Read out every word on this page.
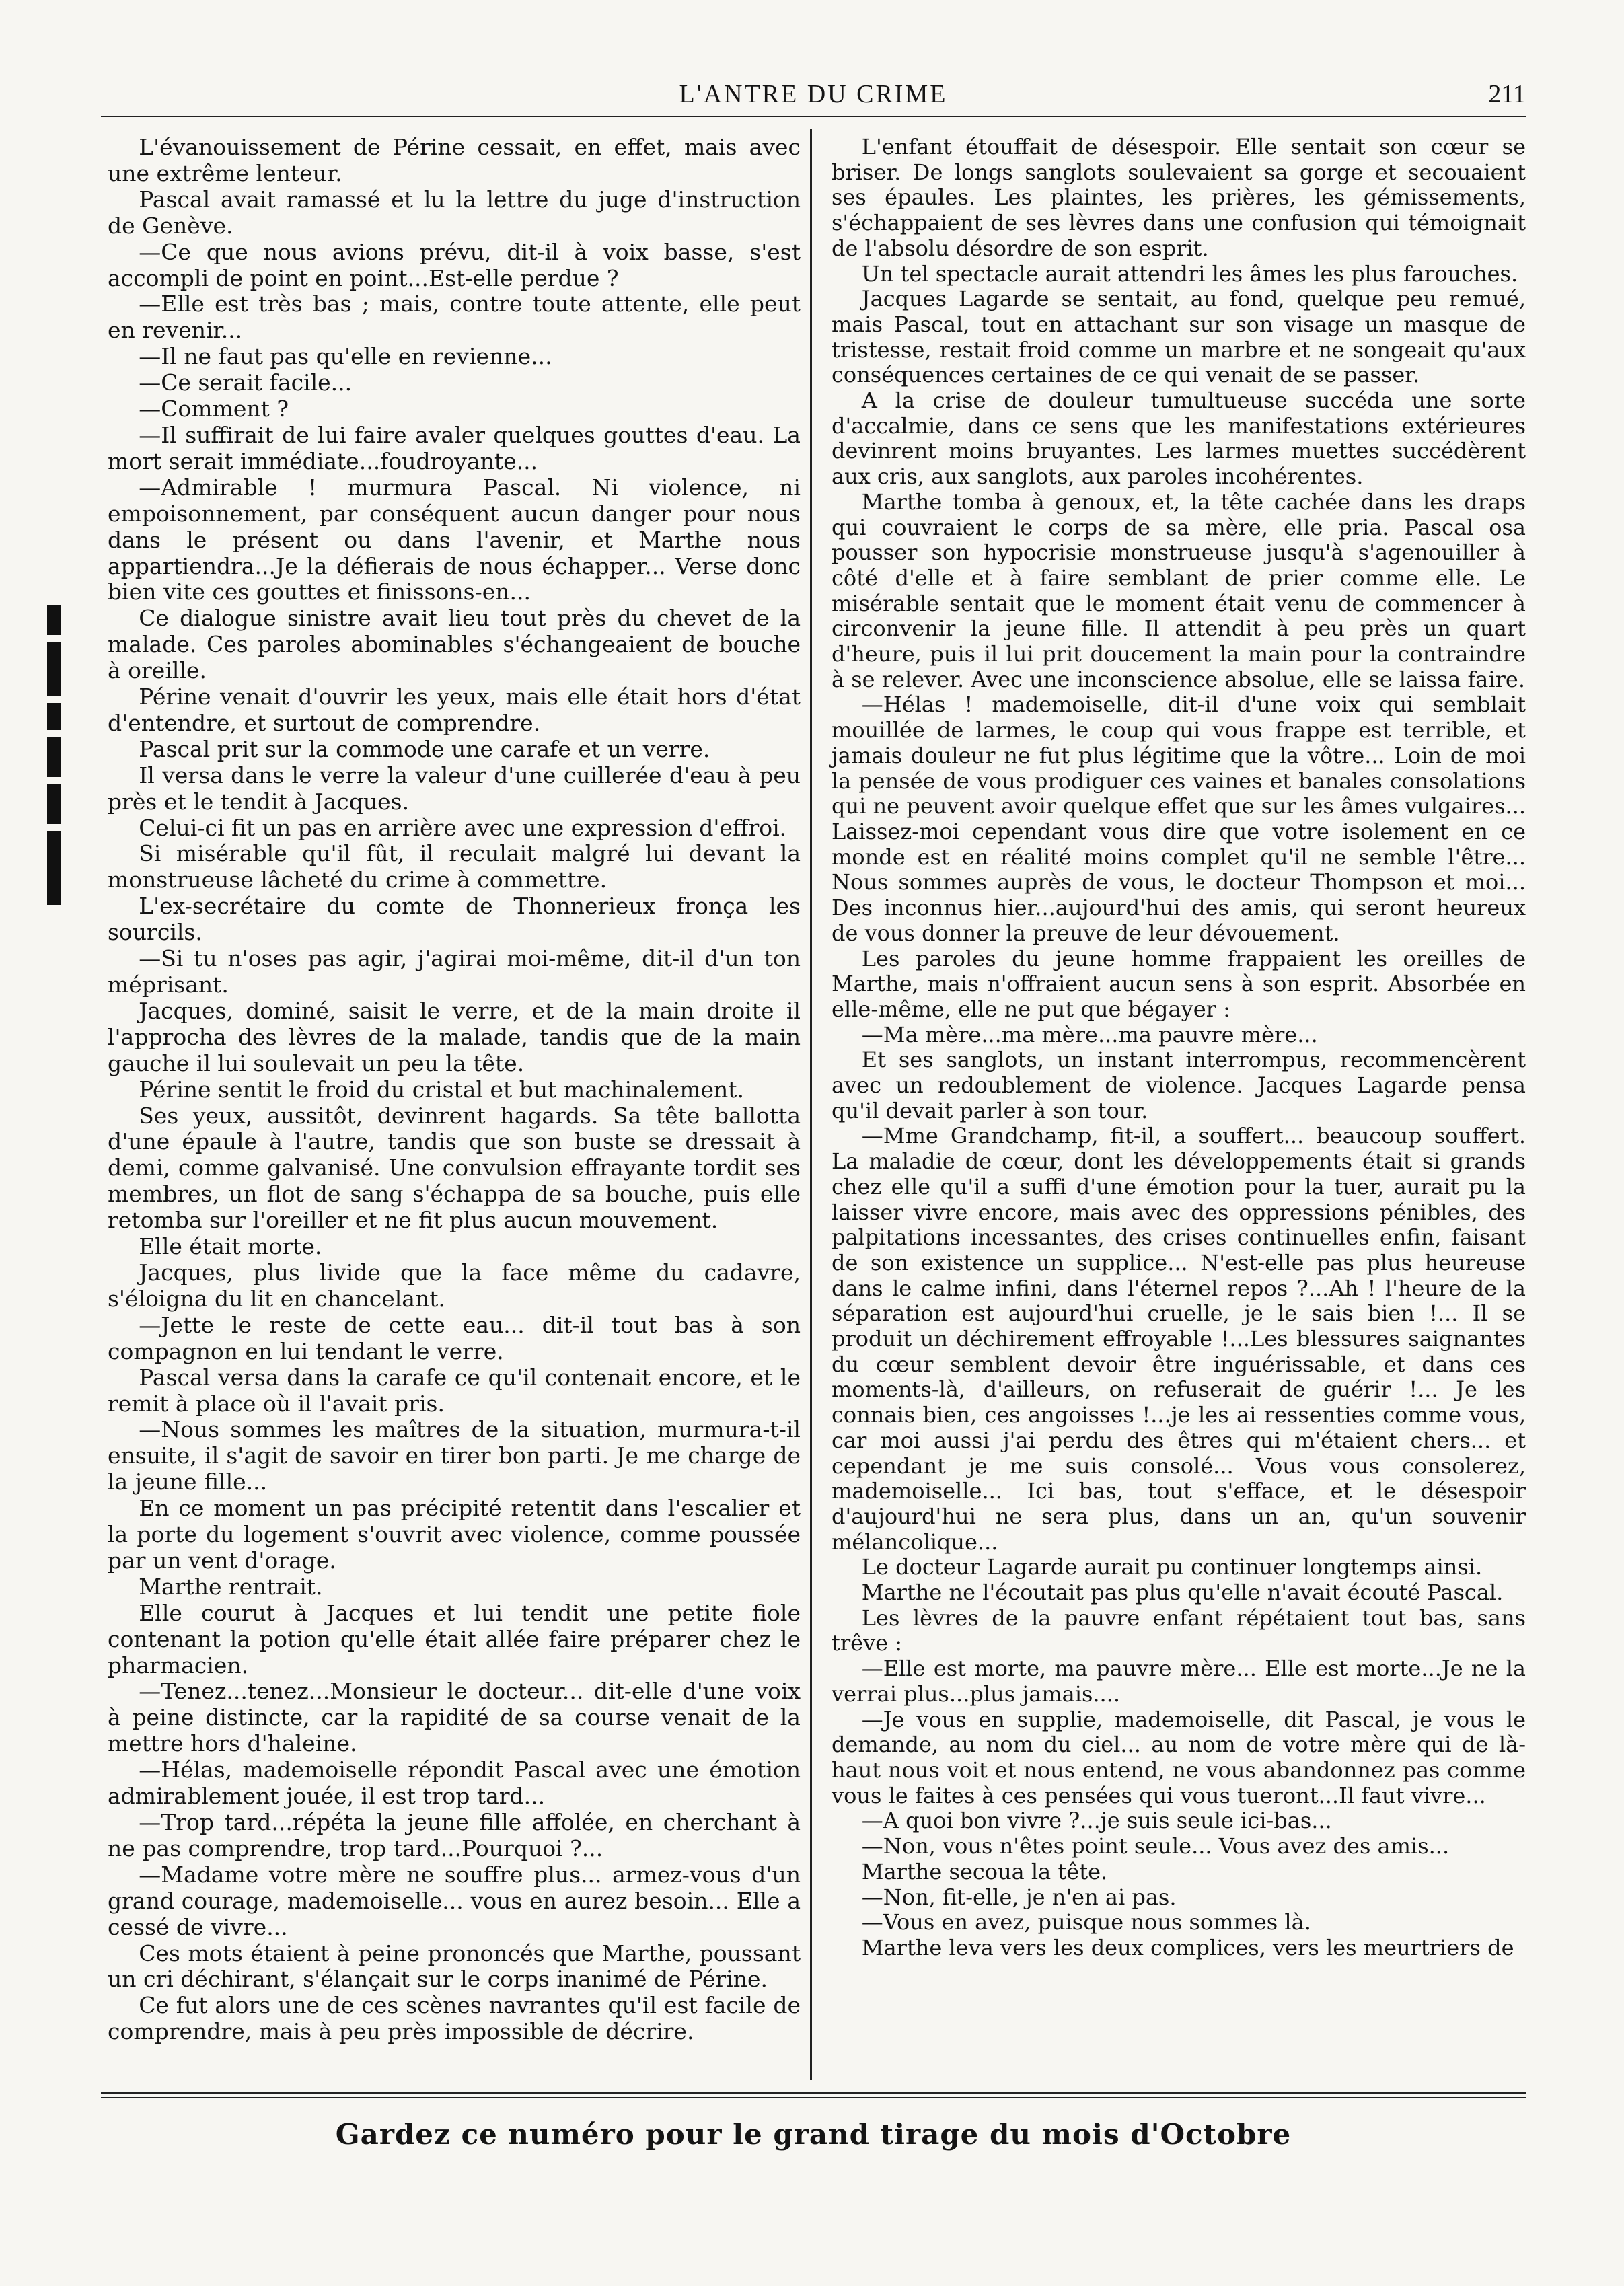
L'ANTRE DU CRIME	211

L'évanouissement de Périne cessait, en effet, mais avec une extrême lenteur.

Pascal avait ramassé et lu la lettre du juge d'instruction de Genève.

—Ce que nous avions prévu, dit-il à voix basse, s'est accompli de point en point...Est-elle perdue ?

—Elle est très bas ; mais, contre toute attente, elle peut en revenir...

—Il ne faut pas qu'elle en revienne...

—Ce serait facile...

—Comment ?

—Il suffirait de lui faire avaler quelques gouttes d'eau. La mort serait immédiate...foudroyante...

—Admirable ! murmura Pascal. Ni violence, ni empoisonnement, par conséquent aucun danger pour nous dans le présent ou dans l'avenir, et Marthe nous appartiendra...Je la défierais de nous échapper... Verse donc bien vite ces gouttes et finissons-en...

Ce dialogue sinistre avait lieu tout près du chevet de la malade. Ces paroles abominables s'échangeaient de bouche à oreille.

Périne venait d'ouvrir les yeux, mais elle était hors d'état d'entendre, et surtout de comprendre.

Pascal prit sur la commode une carafe et un verre.

Il versa dans le verre la valeur d'une cuillerée d'eau à peu près et le tendit à Jacques.

Celui-ci fit un pas en arrière avec une expression d'effroi.

Si misérable qu'il fût, il reculait malgré lui devant la monstrueuse lâcheté du crime à commettre.

L'ex-secrétaire du comte de Thonnerieux fronça les sourcils.

—Si tu n'oses pas agir, j'agirai moi-même, dit-il d'un ton méprisant.

Jacques, dominé, saisit le verre, et de la main droite il l'approcha des lèvres de la malade, tandis que de la main gauche il lui soulevait un peu la tête.

Périne sentit le froid du cristal et but machinalement.

Ses yeux, aussitôt, devinrent hagards. Sa tête ballotta d'une épaule à l'autre, tandis que son buste se dressait à demi, comme galvanisé. Une convulsion effrayante tordit ses membres, un flot de sang s'échappa de sa bouche, puis elle retomba sur l'oreiller et ne fit plus aucun mouvement.

Elle était morte.

Jacques, plus livide que la face même du cadavre, s'éloigna du lit en chancelant.

—Jette le reste de cette eau... dit-il tout bas à son compagnon en lui tendant le verre.

Pascal versa dans la carafe ce qu'il contenait encore, et le remit à place où il l'avait pris.

—Nous sommes les maîtres de la situation, murmura-t-il ensuite, il s'agit de savoir en tirer bon parti. Je me charge de la jeune fille...

En ce moment un pas précipité retentit dans l'escalier et la porte du logement s'ouvrit avec violence, comme poussée par un vent d'orage.

Marthe rentrait.

Elle courut à Jacques et lui tendit une petite fiole contenant la potion qu'elle était allée faire préparer chez le pharmacien.

—Tenez...tenez...Monsieur le docteur... dit-elle d'une voix à peine distincte, car la rapidité de sa course venait de la mettre hors d'haleine.

—Hélas, mademoiselle répondit Pascal avec une émotion admirablement jouée, il est trop tard...

—Trop tard...répéta la jeune fille affolée, en cherchant à ne pas comprendre, trop tard...Pourquoi ?...

—Madame votre mère ne souffre plus... armez-vous d'un grand courage, mademoiselle... vous en aurez besoin... Elle a cessé de vivre...

Ces mots étaient à peine prononcés que Marthe, poussant un cri déchirant, s'élançait sur le corps inanimé de Périne.

Ce fut alors une de ces scènes navrantes qu'il est facile de comprendre, mais à peu près impossible de décrire.

L'enfant étouffait de désespoir. Elle sentait son cœur se briser. De longs sanglots soulevaient sa gorge et secouaient ses épaules. Les plaintes, les prières, les gémissements, s'échappaient de ses lèvres dans une confusion qui témoignait de l'absolu désordre de son esprit.

Un tel spectacle aurait attendri les âmes les plus farouches.

Jacques Lagarde se sentait, au fond, quelque peu remué, mais Pascal, tout en attachant sur son visage un masque de tristesse, restait froid comme un marbre et ne songeait qu'aux conséquences certaines de ce qui venait de se passer.

A la crise de douleur tumultueuse succéda une sorte d'accalmie, dans ce sens que les manifestations extérieures devinrent moins bruyantes. Les larmes muettes succédèrent aux cris, aux sanglots, aux paroles incohérentes.

Marthe tomba à genoux, et, la tête cachée dans les draps qui couvraient le corps de sa mère, elle pria. Pascal osa pousser son hypocrisie monstrueuse jusqu'à s'agenouiller à côté d'elle et à faire semblant de prier comme elle. Le misérable sentait que le moment était venu de commencer à circonvenir la jeune fille. Il attendit à peu près un quart d'heure, puis il lui prit doucement la main pour la contraindre à se relever. Avec une inconscience absolue, elle se laissa faire.

—Hélas ! mademoiselle, dit-il d'une voix qui semblait mouillée de larmes, le coup qui vous frappe est terrible, et jamais douleur ne fut plus légitime que la vôtre... Loin de moi la pensée de vous prodiguer ces vaines et banales consolations qui ne peuvent avoir quelque effet que sur les âmes vulgaires... Laissez-moi cependant vous dire que votre isolement en ce monde est en réalité moins complet qu'il ne semble l'être... Nous sommes auprès de vous, le docteur Thompson et moi... Des inconnus hier...aujourd'hui des amis, qui seront heureux de vous donner la preuve de leur dévouement.

Les paroles du jeune homme frappaient les oreilles de Marthe, mais n'offraient aucun sens à son esprit. Absorbée en elle-même, elle ne put que bégayer :

—Ma mère...ma mère...ma pauvre mère...

Et ses sanglots, un instant interrompus, recommencèrent avec un redoublement de violence. Jacques Lagarde pensa qu'il devait parler à son tour.

—Mme Grandchamp, fit-il, a souffert... beaucoup souffert. La maladie de cœur, dont les développements était si grands chez elle qu'il a suffi d'une émotion pour la tuer, aurait pu la laisser vivre encore, mais avec des oppressions pénibles, des palpitations incessantes, des crises continuelles enfin, faisant de son existence un supplice... N'est-elle pas plus heureuse dans le calme infini, dans l'éternel repos ?...Ah ! l'heure de la séparation est aujourd'hui cruelle, je le sais bien !... Il se produit un déchirement effroyable !...Les blessures saignantes du cœur semblent devoir être inguérissable, et dans ces moments-là, d'ailleurs, on refuserait de guérir !... Je les connais bien, ces angoisses !...je les ai ressenties comme vous, car moi aussi j'ai perdu des êtres qui m'étaient chers... et cependant je me suis consolé... Vous vous consolerez, mademoiselle... Ici bas, tout s'efface, et le désespoir d'aujourd'hui ne sera plus, dans un an, qu'un souvenir mélancolique...

Le docteur Lagarde aurait pu continuer longtemps ainsi.

Marthe ne l'écoutait pas plus qu'elle n'avait écouté Pascal.

Les lèvres de la pauvre enfant répétaient tout bas, sans trêve :

—Elle est morte, ma pauvre mère... Elle est morte...Je ne la verrai plus...plus jamais....

—Je vous en supplie, mademoiselle, dit Pascal, je vous le demande, au nom du ciel... au nom de votre mère qui de là-haut nous voit et nous entend, ne vous abandonnez pas comme vous le faites à ces pensées qui vous tueront...Il faut vivre...

—A quoi bon vivre ?...je suis seule ici-bas...

—Non, vous n'êtes point seule... Vous avez des amis...

Marthe secoua la tête.

—Non, fit-elle, je n'en ai pas.

—Vous en avez, puisque nous sommes là.

Marthe leva vers les deux complices, vers les meurtriers de

Gardez ce numéro pour le grand tirage du mois d'Octobre
